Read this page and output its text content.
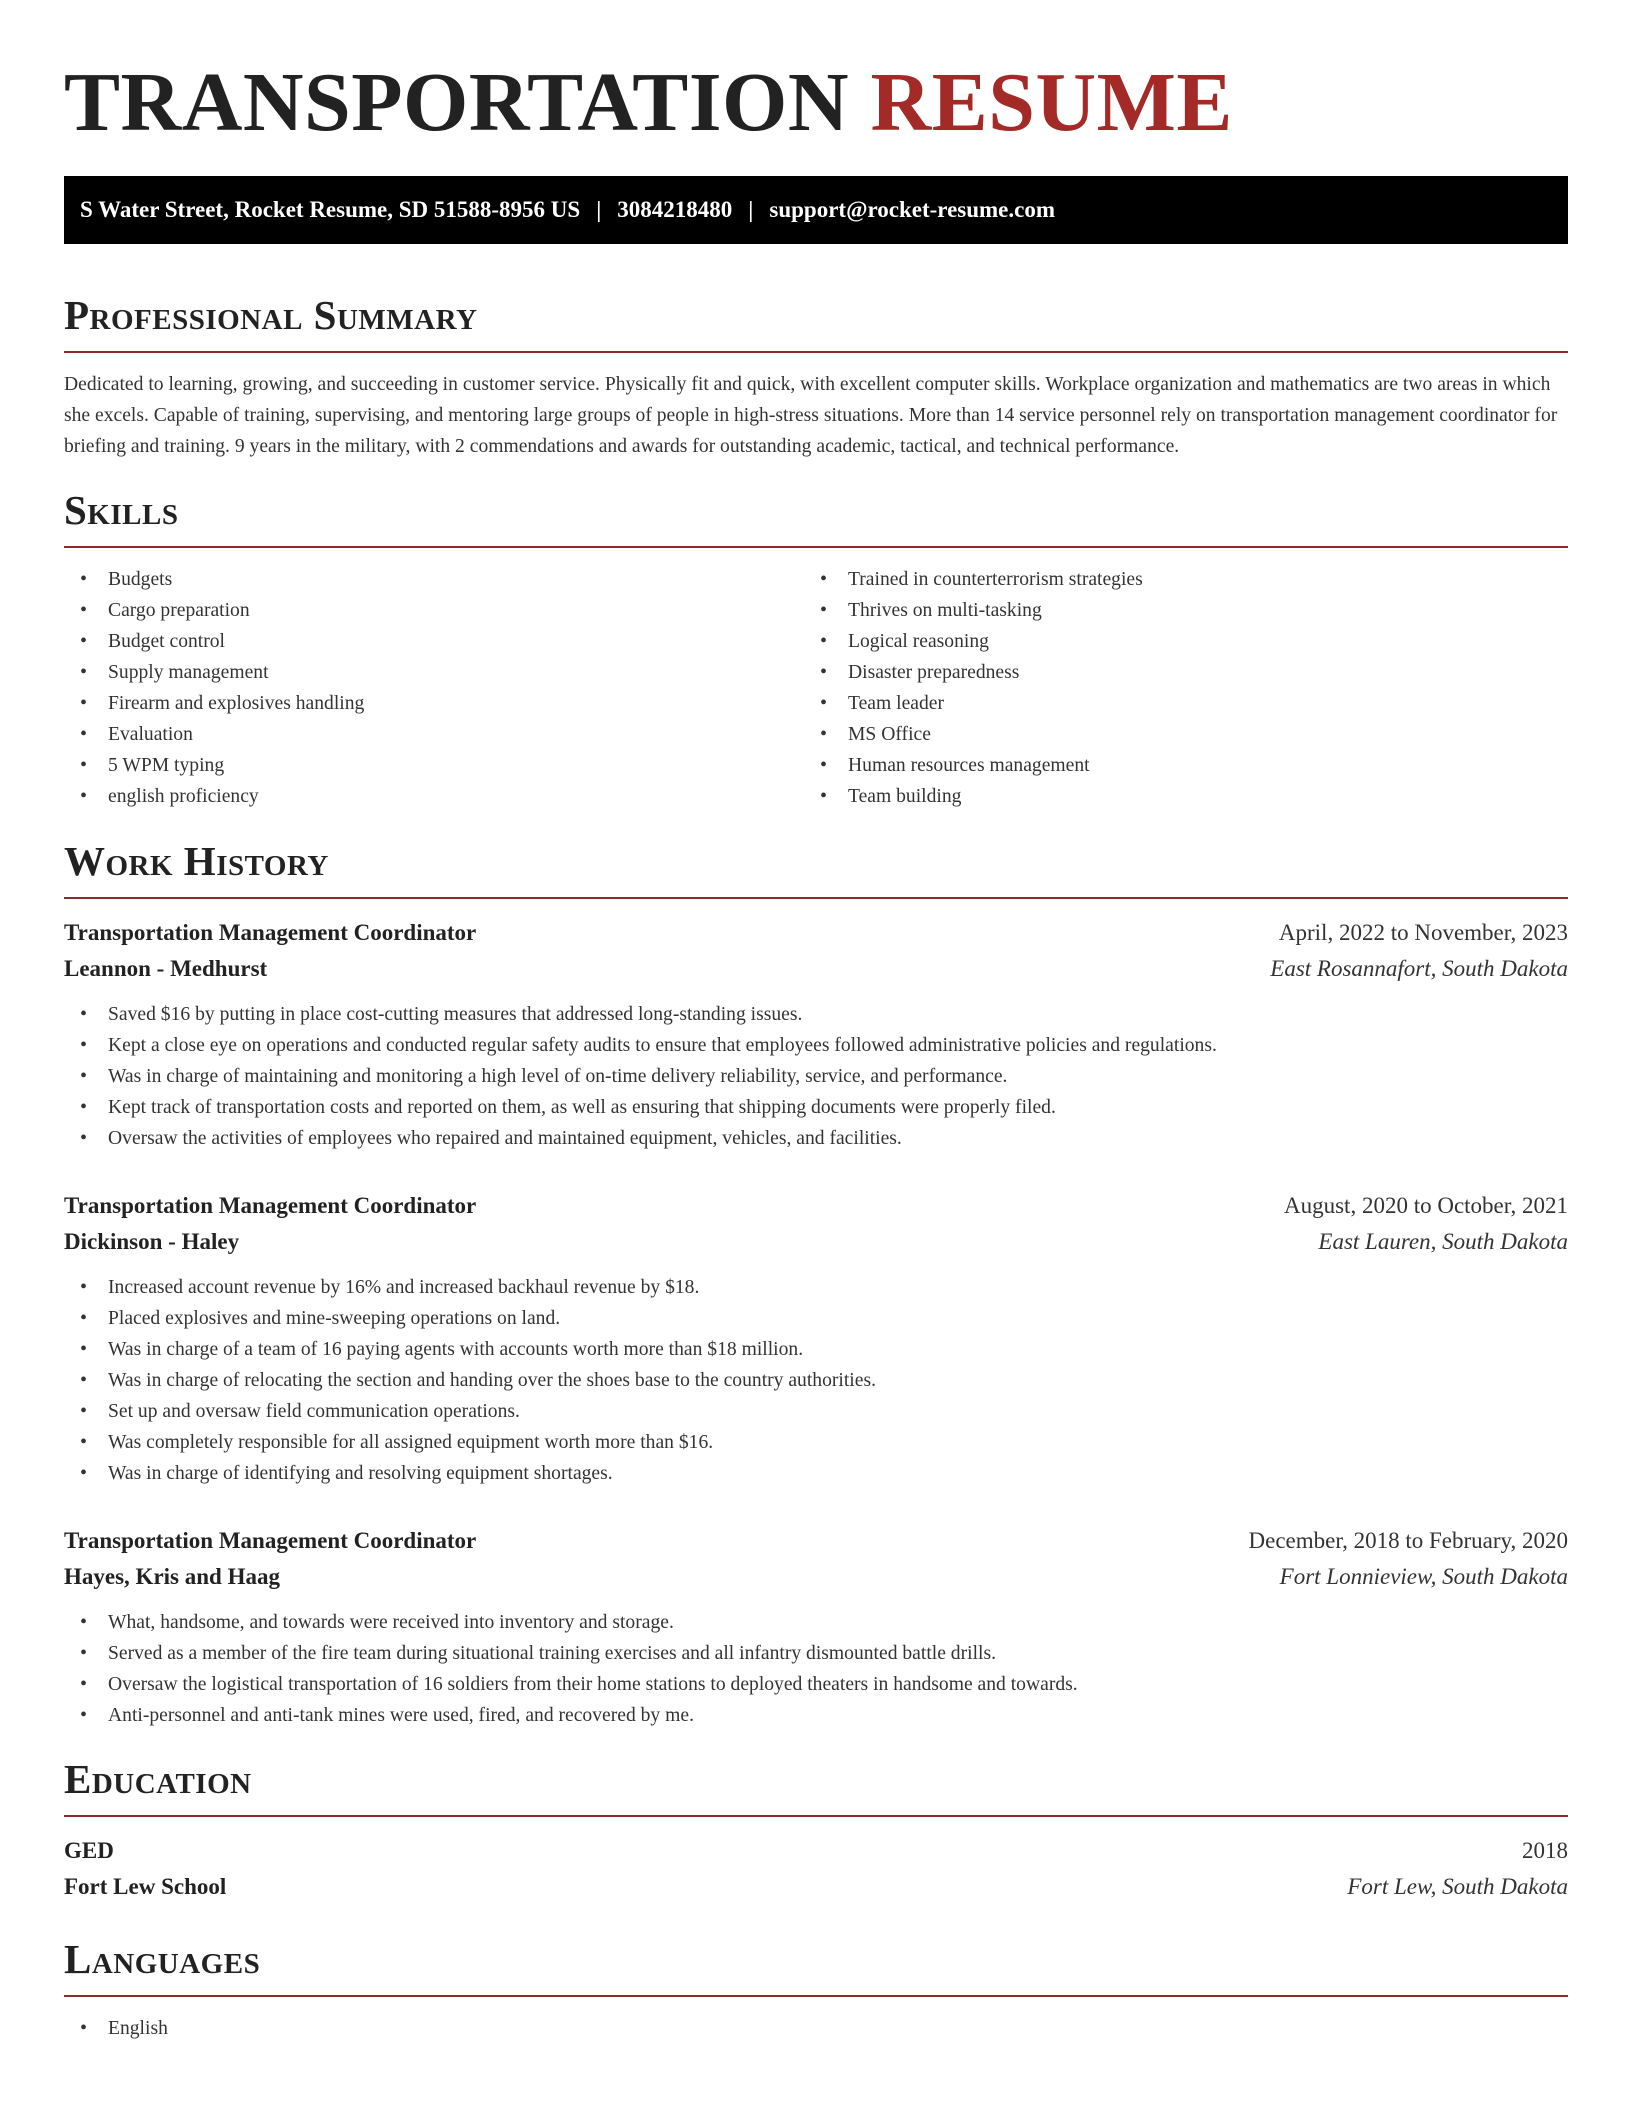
TRANSPORTATION RESUME
S Water Street, Rocket Resume, SD 51588-8956 US | 3084218480 | support@rocket-resume.com
Professional Summary

Dedicated to learning, growing, and succeeding in customer service. Physically fit and quick, with excellent computer skills. Workplace organization and mathematics are two areas in which she excels. Capable of training, supervising, and mentoring large groups of people in high-stress situations. More than 14 service personnel rely on transportation management coordinator for briefing and training. 9 years in the military, with 2 commendations and awards for outstanding academic, tactical, and technical performance.

Skills
• Budgets
• Cargo preparation
• Budget control
• Supply management
• Firearm and explosives handling
• Evaluation
• 5 WPM typing
• english proficiency
• Trained in counterterrorism strategies
• Thrives on multi-tasking
• Logical reasoning
• Disaster preparedness
• Team leader
• MS Office
• Human resources management
• Team building
Work History
Transportation Management Coordinator	April, 2022 to November, 2023
Leannon - Medhurst	East Rosannafort, South Dakota
• Saved $16 by putting in place cost-cutting measures that addressed long-standing issues.
• Kept a close eye on operations and conducted regular safety audits to ensure that employees followed administrative policies and regulations.
• Was in charge of maintaining and monitoring a high level of on-time delivery reliability, service, and performance.
• Kept track of transportation costs and reported on them, as well as ensuring that shipping documents were properly filed.
• Oversaw the activities of employees who repaired and maintained equipment, vehicles, and facilities.
Transportation Management Coordinator	August, 2020 to October, 2021
Dickinson - Haley	East Lauren, South Dakota
• Increased account revenue by 16% and increased backhaul revenue by $18.
• Placed explosives and mine-sweeping operations on land.
• Was in charge of a team of 16 paying agents with accounts worth more than $18 million.
• Was in charge of relocating the section and handing over the shoes base to the country authorities.
• Set up and oversaw field communication operations.
• Was completely responsible for all assigned equipment worth more than $16.
• Was in charge of identifying and resolving equipment shortages.
Transportation Management Coordinator	December, 2018 to February, 2020
Hayes, Kris and Haag	Fort Lonnieview, South Dakota
• What, handsome, and towards were received into inventory and storage.
• Served as a member of the fire team during situational training exercises and all infantry dismounted battle drills.
• Oversaw the logistical transportation of 16 soldiers from their home stations to deployed theaters in handsome and towards.
• Anti-personnel and anti-tank mines were used, fired, and recovered by me.
Education
GED	2018
Fort Lew School	Fort Lew, South Dakota
Languages
• English
